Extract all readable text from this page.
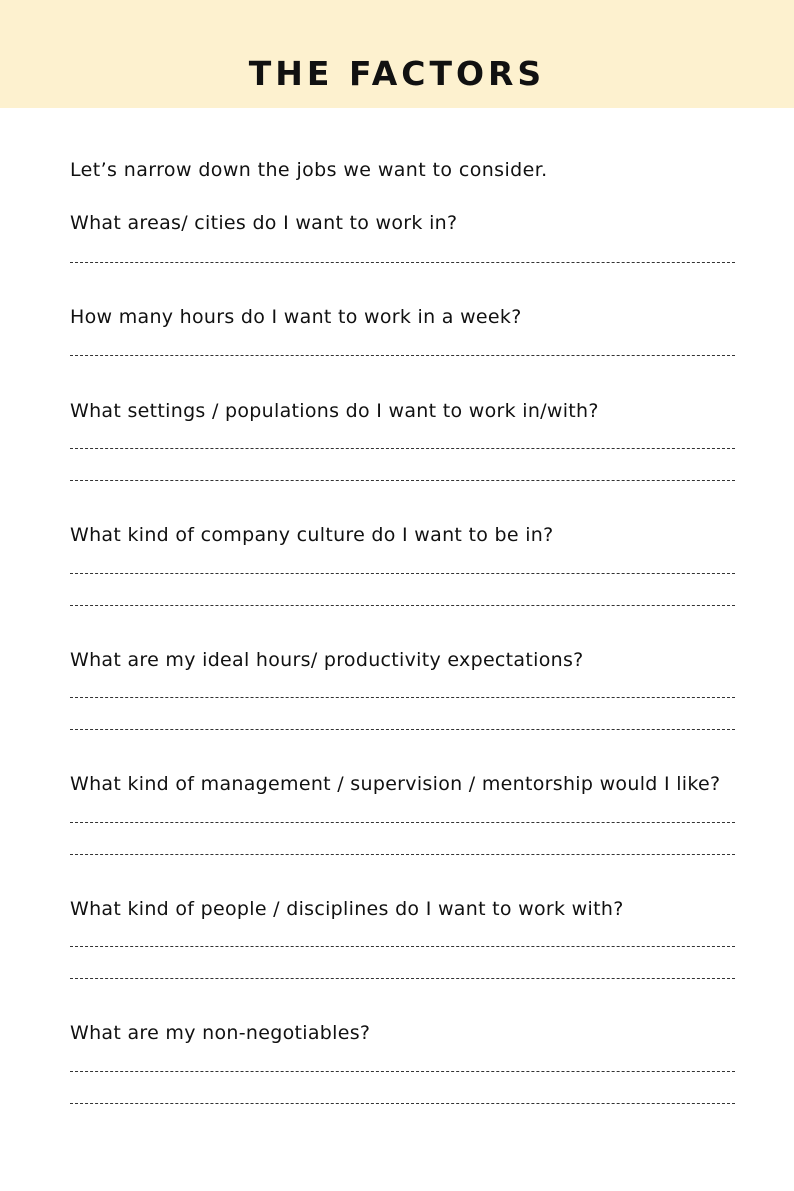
THE FACTORS
Let’s narrow down the jobs we want to consider.
What areas/ cities do I want to work in?
How many hours do I want to work in a week?
What settings / populations do I want to work in/with?
What kind of company culture do I want to be in?
What are my ideal hours/ productivity expectations?
What kind of management / supervision / mentorship would I like?
What kind of people / disciplines do I want to work with?
What are my non-negotiables?
